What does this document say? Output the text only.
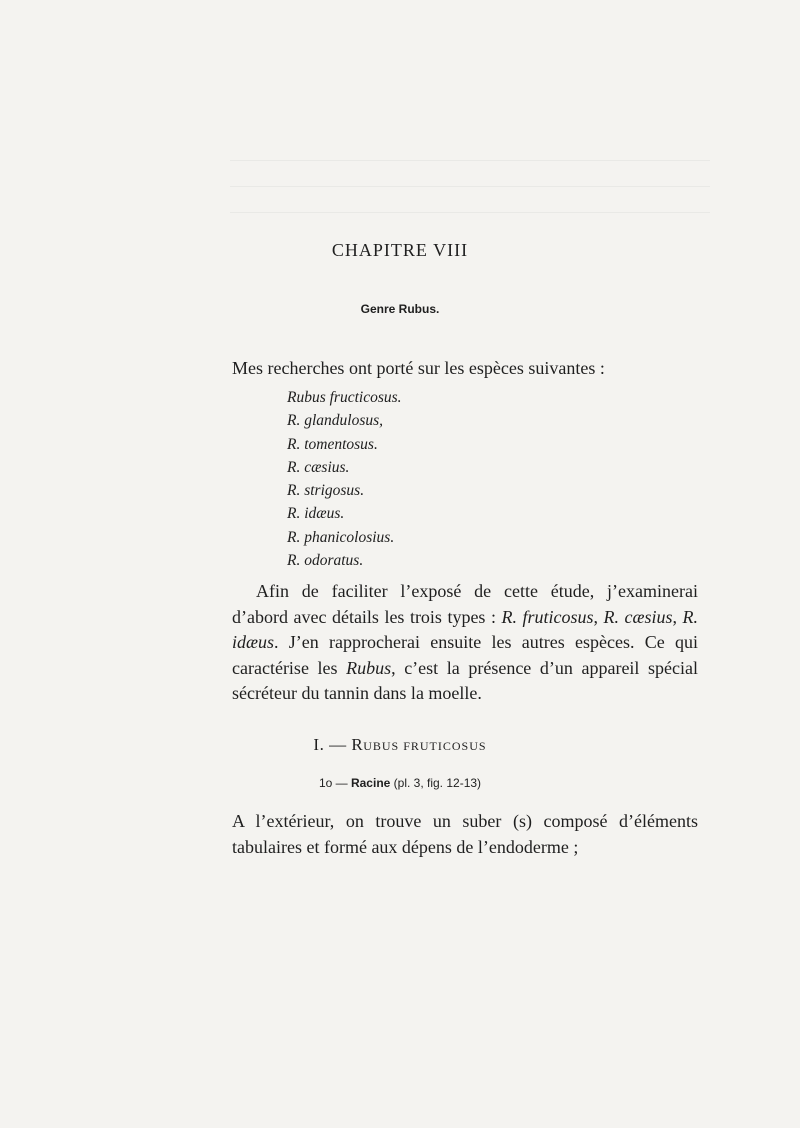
CHAPITRE VIII
Genre Rubus.
Mes recherches ont porté sur les espèces suivantes :
Rubus fructicosus.
R. glandulosus,
R. tomentosus.
R. cæsius.
R. strigosus.
R. idæus.
R. phanicolosius.
R. odoratus.

Afin de faciliter l’exposé de cette étude, j’examinerai d’abord avec détails les trois types : R. fruticosus, R. cæsius, R. idæus. J’en rapprocherai ensuite les autres espèces. Ce qui caractérise les Rubus, c’est la présence d’un appareil spécial sécréteur du tannin dans la moelle.

I. — RUBUS FRUTICOSUS
1o — Racine (pl. 3, fig. 12-13)

A l’extérieur, on trouve un suber (s) composé d’éléments tabulaires et formé aux dépens de l’endoderme ;
